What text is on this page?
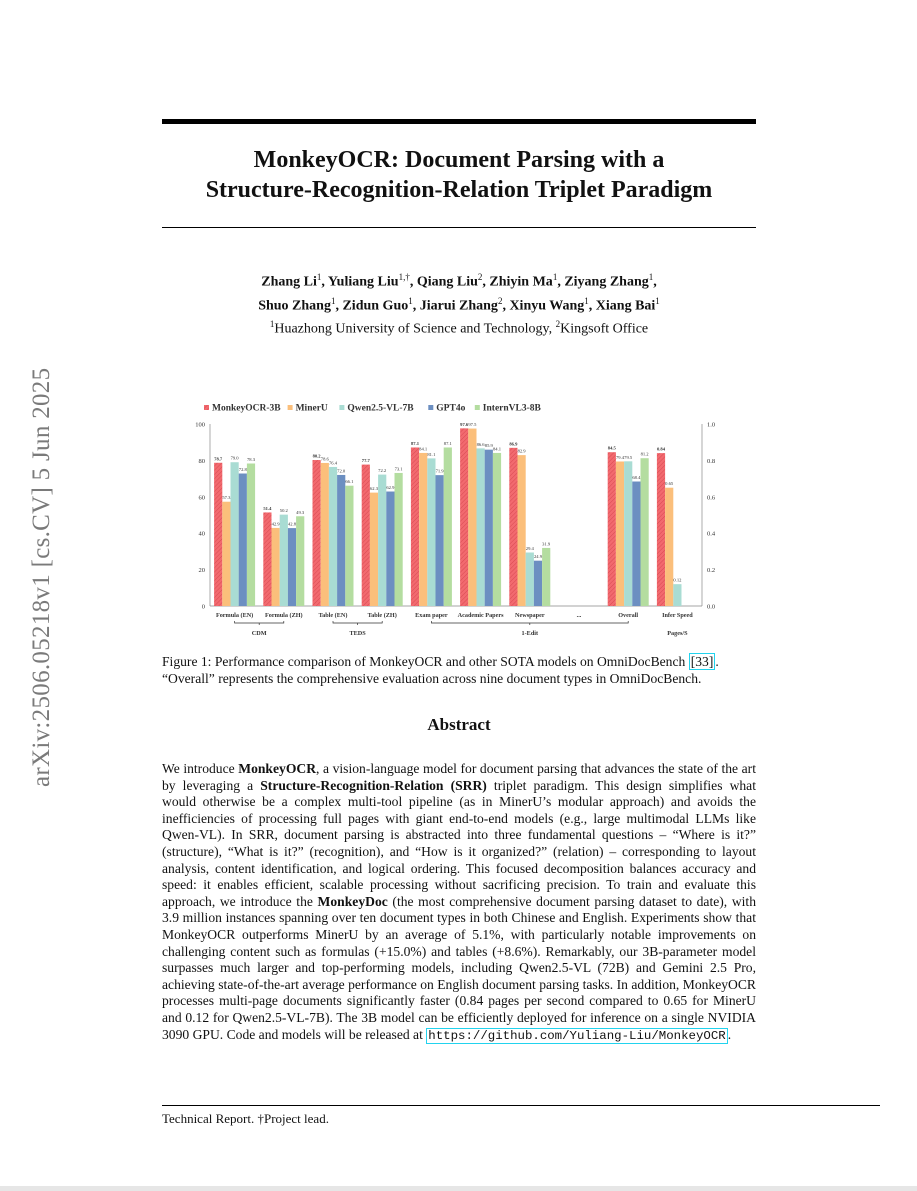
arXiv:2506.05218v1 [cs.CV] 5 Jun 2025
MonkeyOCR: Document Parsing with a
Structure-Recognition-Relation Triplet Paradigm
Zhang Li$^1$, Yuliang Liu$^{1,\dagger}$, Qiang Liu$^2$, Zhiyin Ma$^1$, Ziyang Zhang$^1$,
Shuo Zhang$^1$, Zidun Guo$^1$, Jiarui Zhang$^2$, Xinyu Wang$^1$, Xiang Bai$^1$
$^1$Huazhong University of Science and Technology, $^2$Kingsoft Office
MonkeyOCR-3B MinerU Qwen2.5-VL-7B GPT4o InternVL3-8B
0
20
40
60
80
100
0.0
0.2
0.4
0.6
0.8
1.0
78.7
57.3
79.0
72.8
78.3
Formula (EN)
51.4
42.9
50.2
42.8
49.3
Formula (ZH)
80.2
78.6
76.4
72.0
66.1
Table (EN)
77.7
62.3
72.2
62.9
73.1
Table (ZH)
87.1
84.1
81.1
71.9
87.1
Exam paper
97.6 97.5
86.6 85.9
84.1
Academic Papers
86.9
82.9
29.4
24.9
31.9
Newspaper	...
84.5
79.4 79.5
68.4
81.2
Overall
0.84
0.65
0.12
Infer Speed
CDM	TEDS	1-Edit	Pages/S
Figure 1: Performance comparison of MonkeyOCR and other SOTA models on OmniDocBench [33] . “Overall” represents the comprehensive evaluation across nine document types in OmniDocBench.
Abstract
We introduce MonkeyOCR, a vision-language model for document parsing that advances the state of the art by leveraging a Structure-Recognition-Relation (SRR) triplet paradigm. This design simplifies what would otherwise be a complex multi-tool pipeline (as in MinerU’s modular approach) and avoids the inefficiencies of processing full pages with giant end-to-end models (e.g., large multimodal LLMs like Qwen-VL). In SRR, document parsing is abstracted into three fundamental questions – “Where is it?” (structure), “What is it?” (recognition), and “How is it organized?” (relation) – corresponding to layout analysis, content identification, and logical ordering. This focused decomposition balances accuracy and speed: it enables efficient, scalable processing without sacrificing precision. To train and evaluate this approach, we introduce the MonkeyDoc (the most comprehensive document parsing dataset to date), with 3.9 million instances spanning over ten document types in both Chinese and English. Experiments show that MonkeyOCR outperforms MinerU by an average of 5.1%, with particularly notable improvements on challenging content such as formulas (+15.0%) and tables (+8.6%). Remarkably, our 3B-parameter model surpasses much larger and top-performing models, including Qwen2.5-VL (72B) and Gemini 2.5 Pro, achieving state-of-the-art average performance on English document parsing tasks. In addition, MonkeyOCR processes multi-page documents significantly faster (0.84 pages per second compared to 0.65 for MinerU and 0.12 for Qwen2.5-VL-7B). The 3B model can be efficiently deployed for inference on a single NVIDIA 3090 GPU. Code and models will be released at https://github.com/Yuliang-Liu/MonkeyOCR .
Technical Report. †Project lead.
